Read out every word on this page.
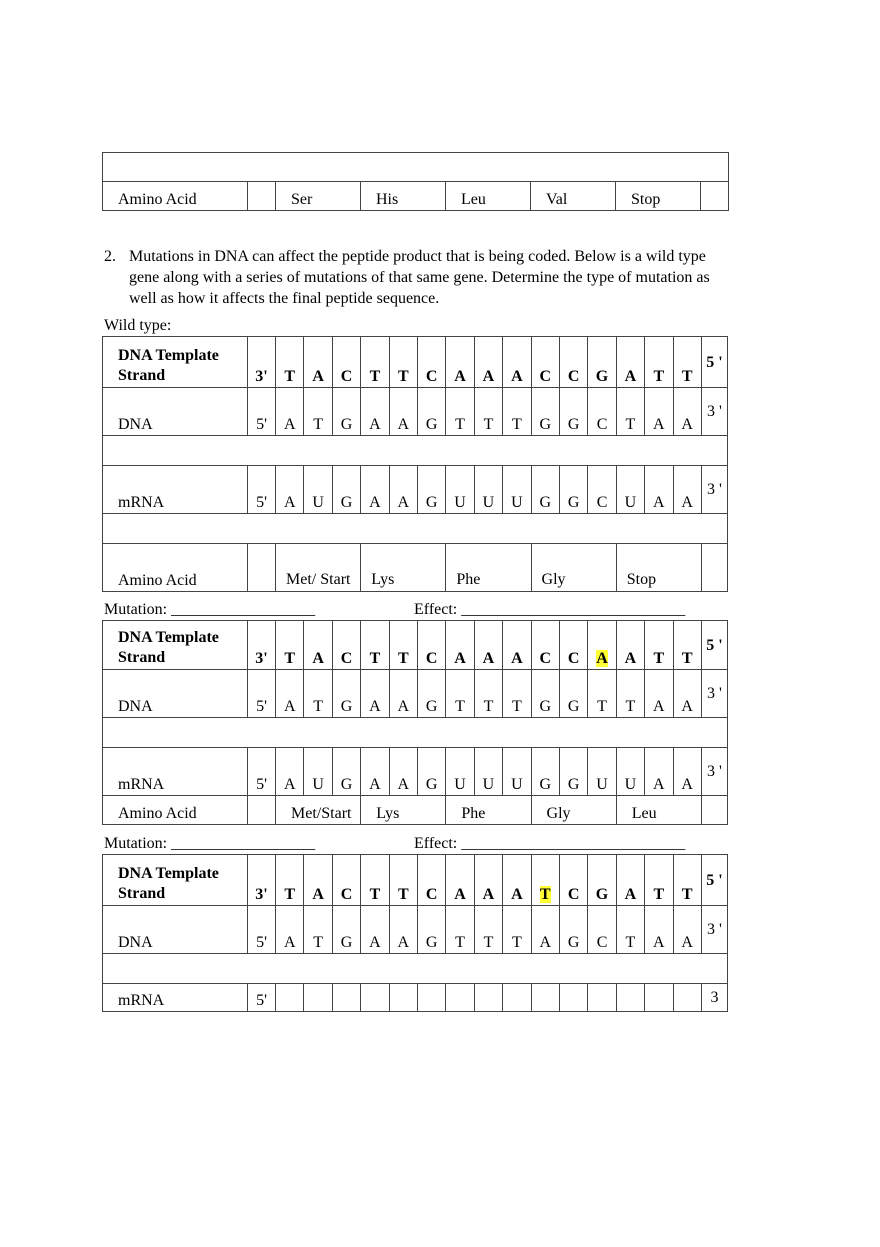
Amino Acid		Ser	His	Leu	Val	Stop	
2. Mutations in DNA can affect the peptide product that is being coded. Below is a wild type
gene along with a series of mutations of that same gene. Determine the type of mutation as
well as how it affects the final peptide sequence.
Wild type:
DNA Template Strand	3'	T	A	C	T	T	C	A	A	A	C	C	G	A	T	T	5 '
DNA	5'	A	T	G	A	A	G	T	T	T	G	G	C	T	A	A	3 '

mRNA	5'	A	U	G	A	A	G	U	U	U	G	G	C	U	A	A	3 '

Amino Acid		Met/ Start			Lys			Phe			Gly			Stop			
Mutation: __________________	Effect: ____________________________
DNA Template Strand	3'	T	A	C	T	T	C	A	A	A	C	C	A	A	T	T	5 '
DNA	5'	A	T	G	A	A	G	T	T	T	G	G	T	T	A	A	3 '

mRNA	5'	A	U	G	A	A	G	U	U	U	G	G	U	U	A	A	3 '
Amino Acid		Met/Start			Lys			Phe			Gly			Leu			
Mutation: __________________	Effect: ____________________________
DNA Template Strand	3'	T	A	C	T	T	C	A	A	A	T	C	G	A	T	T	5 '
DNA	5'	A	T	G	A	A	G	T	T	T	A	G	C	T	A	A	3 '

mRNA	5'																3
